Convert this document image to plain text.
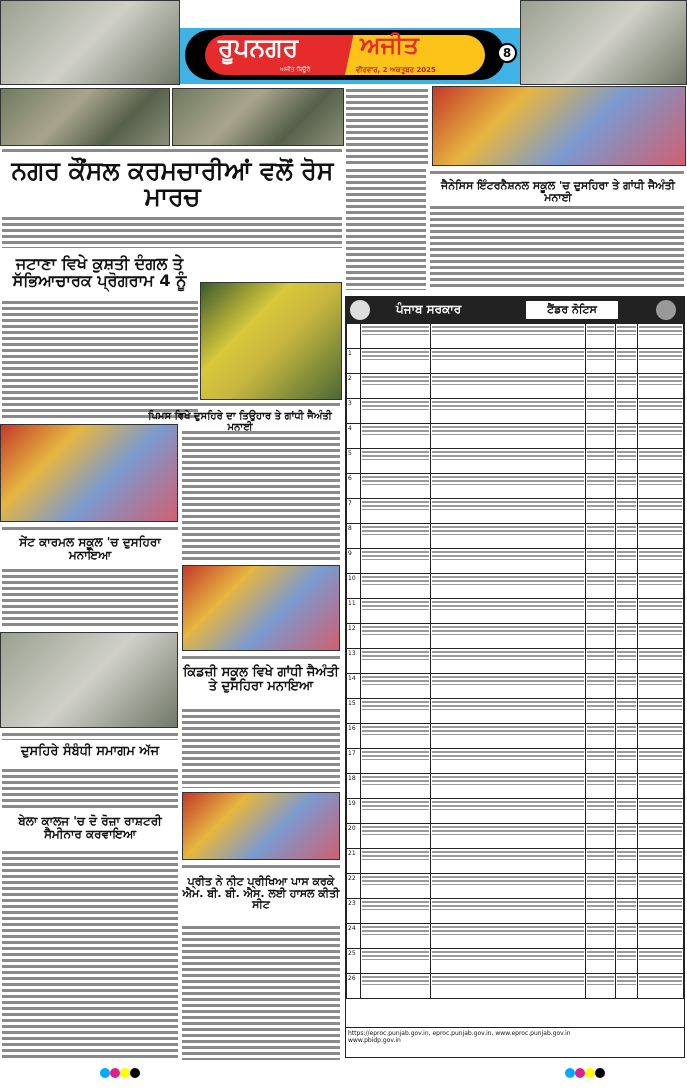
ਰੂਪਨਗਰ
ਅਜੀਤ ਬਿਊਰੋ
ਅਜੀਤ
ਵੀਰਵਾਰ, 2 ਅਕਤੂਬਰ 2025
8
ਨਗਰ ਕੌਂਸਲ ਕਰਮਚਾਰੀਆਂ ਵਲੋਂ ਰੋਸ ਮਾਰਚ	ਜੈਨੇਸਿਸ ਇੰਟਰਨੈਸ਼ਨਲ ਸਕੂਲ 'ਚ ਦੁਸਹਿਰਾ ਤੇ ਗਾਂਧੀ ਜੈਅੰਤੀ ਮਨਾਈ
ਜਟਾਣਾ ਵਿਖੇ ਕੁਸ਼ਤੀ ਦੰਗਲ ਤੇ ਸੱਭਿਆਚਾਰਕ ਪ੍ਰੋਗਰਾਮ 4 ਨੂੰ
ਸੇਂਟ ਕਾਰਮਲ ਸਕੂਲ 'ਚ ਦੁਸਹਿਰਾ ਮਨਾਇਆ
ਦੁਸਹਿਰੇ ਸੰਬੰਧੀ ਸਮਾਗਮ ਅੱਜ
ਬੇਲਾ ਕਾਲਜ 'ਚ ਦੋ ਰੋਜ਼ਾ ਰਾਸ਼ਟਰੀ ਸੈਮੀਨਾਰ ਕਰਵਾਇਆ
ਪਿਮਸ ਵਿਖੇ ਦੁਸਹਿਰੇ ਦਾ ਤਿਉਹਾਰ ਤੇ ਗਾਂਧੀ ਜੈਅੰਤੀ ਮਨਾਈ
ਕਿਡਜ਼ੀ ਸਕੂਲ ਵਿਖੇ ਗਾਂਧੀ ਜੈਅੰਤੀ ਤੇ ਦੁਸਹਿਰਾ ਮਨਾਇਆ
ਪ੍ਰੀਤ ਨੇ ਨੀਟ ਪ੍ਰੀਖਿਆ ਪਾਸ ਕਰਕੇ ਐਮ. ਬੀ. ਬੀ. ਐਸ. ਲਈ ਹਾਸਲ ਕੀਤੀ ਸੀਟ
ਪੰਜਾਬ ਸਰਕਾਰ	ਟੈਂਡਰ ਨੋਟਿਸ

1	

2	

3	

4	

5	

6	

7	

8	

9	

10	

11	

12	

13	

14	

15	

16	

17	

18	

19	

20	

21	

22	

23	

24	

25	

26	

https://eproc.punjab.gov.in, eproc.punjab.gov.in, www.eproc.punjab.gov.in
www.pbidp.gov.in
